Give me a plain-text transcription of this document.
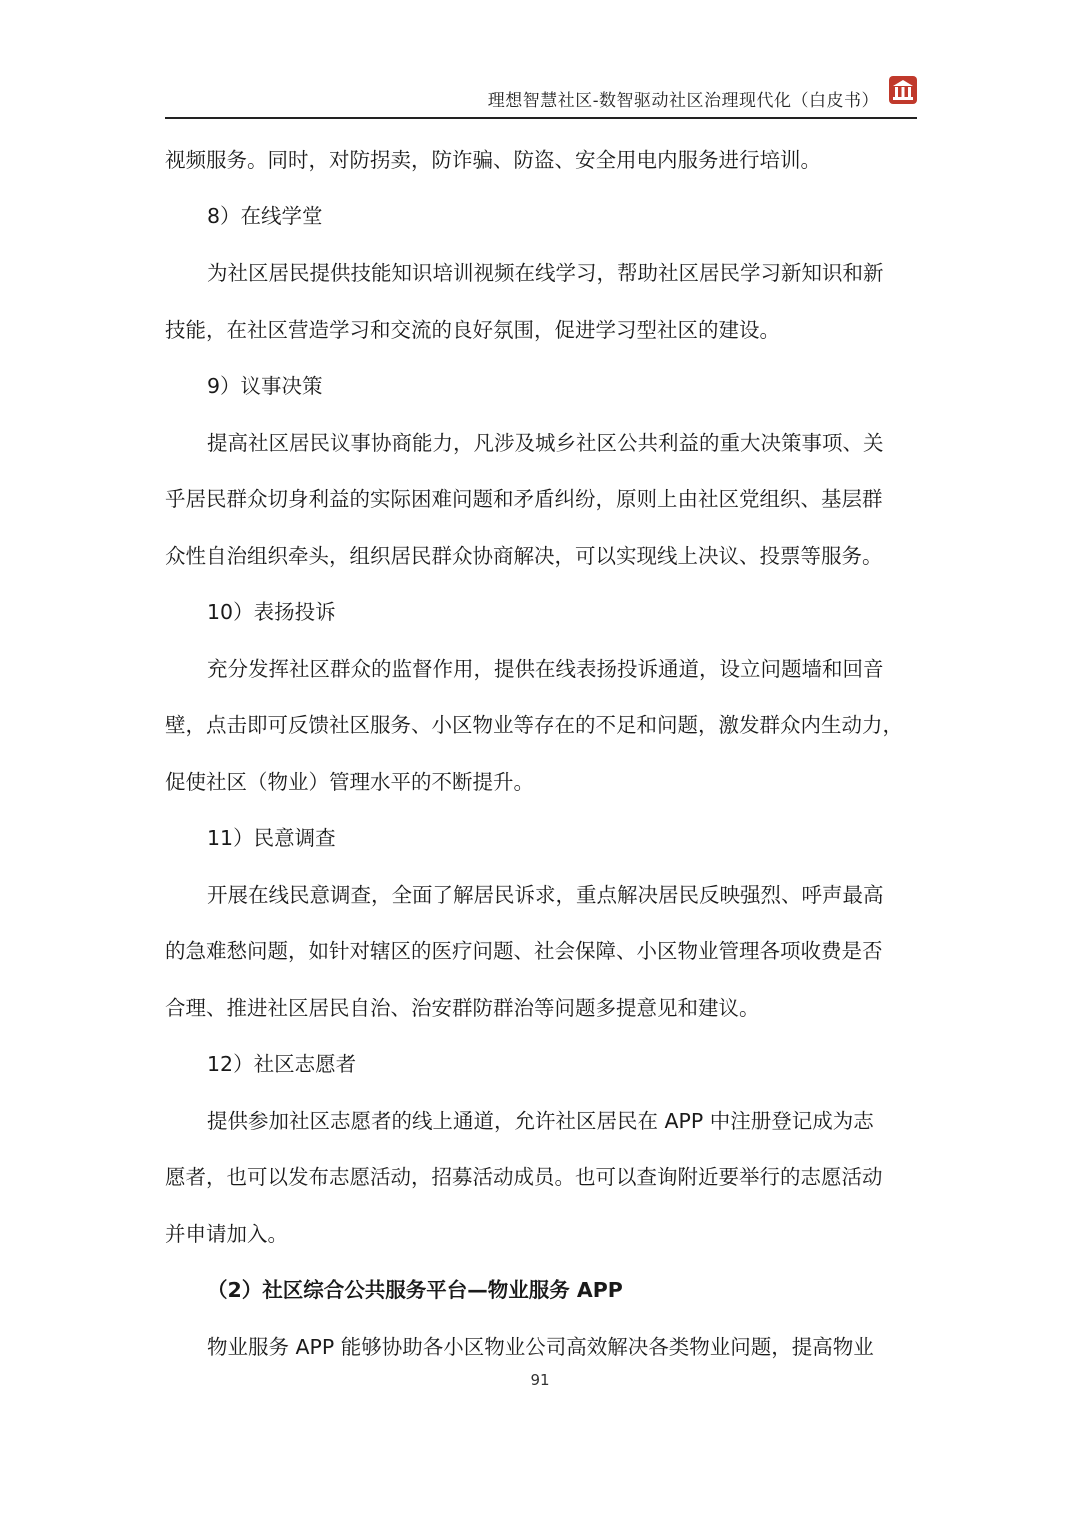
理想智慧社区-数智驱动社区治理现代化（白皮书）
视频服务。同时，对防拐卖，防诈骗、防盗、安全用电内服务进行培训。
8）在线学堂
为社区居民提供技能知识培训视频在线学习，帮助社区居民学习新知识和新
技能，在社区营造学习和交流的良好氛围，促进学习型社区的建设。
9）议事决策
提高社区居民议事协商能力，凡涉及城乡社区公共利益的重大决策事项、关
乎居民群众切身利益的实际困难问题和矛盾纠纷，原则上由社区党组织、基层群
众性自治组织牵头，组织居民群众协商解决，可以实现线上决议、投票等服务。
10）表扬投诉
充分发挥社区群众的监督作用，提供在线表扬投诉通道，设立问题墙和回音
壁，点击即可反馈社区服务、小区物业等存在的不足和问题，激发群众内生动力，
促使社区（物业）管理水平的不断提升。
11）民意调查
开展在线民意调查，全面了解居民诉求，重点解决居民反映强烈、呼声最高
的急难愁问题，如针对辖区的医疗问题、社会保障、小区物业管理各项收费是否
合理、推进社区居民自治、治安群防群治等问题多提意见和建议。
12）社区志愿者
提供参加社区志愿者的线上通道，允许社区居民在 APP 中注册登记成为志
愿者，也可以发布志愿活动，招募活动成员。也可以查询附近要举行的志愿活动
并申请加入。
（2）社区综合公共服务平台—物业服务 APP
物业服务 APP 能够协助各小区物业公司高效解决各类物业问题，提高物业
91
